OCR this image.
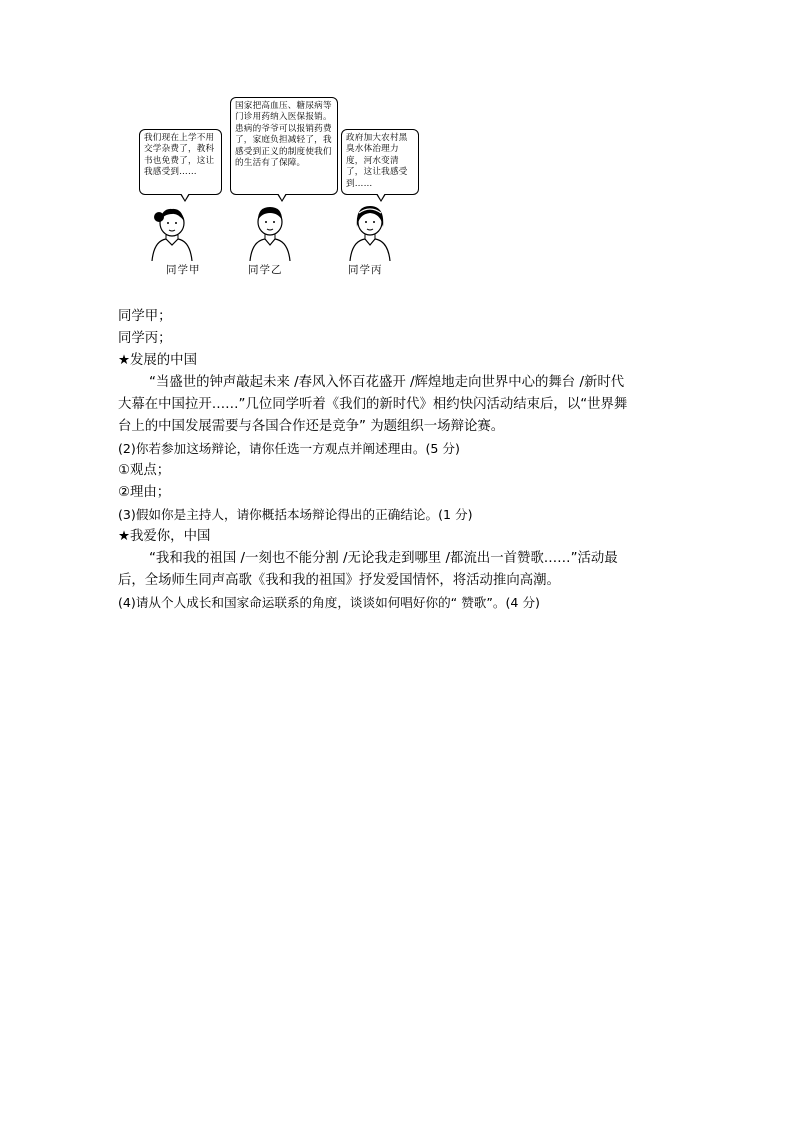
我们现在上学不用交学杂费了，教科书也免费了，这让我感受到……
国家把高血压、糖尿病等门诊用药纳入医保报销。患病的爷爷可以报销药费了，家庭负担减轻了，我感受到正义的制度使我们的生活有了保障。
政府加大农村黑臭水体治理力度，河水变清了，这让我感受到……
同学甲	同学乙	同学丙

同学甲；

同学丙；

★发展的中国

“当盛世的钟声敲起未来 /春风入怀百花盛开 /辉煌地走向世界中心的舞台 /新时代

大幕在中国拉开……”几位同学听着《我们的新时代》相约快闪活动结束后，以“世界舞

台上的中国发展需要与各国合作还是竞争” 为题组织一场辩论赛。

(2)你若参加这场辩论，请你任选一方观点并阐述理由。(5 分)

①观点；

②理由；

(3)假如你是主持人，请你概括本场辩论得出的正确结论。(1 分)

★我爱你，中国

“我和我的祖国 /一刻也不能分割 /无论我走到哪里 /都流出一首赞歌……”活动最

后，全场师生同声高歌《我和我的祖国》抒发爱国情怀，将活动推向高潮。

(4)请从个人成长和国家命运联系的角度，谈谈如何唱好你的“ 赞歌”。(4 分)
